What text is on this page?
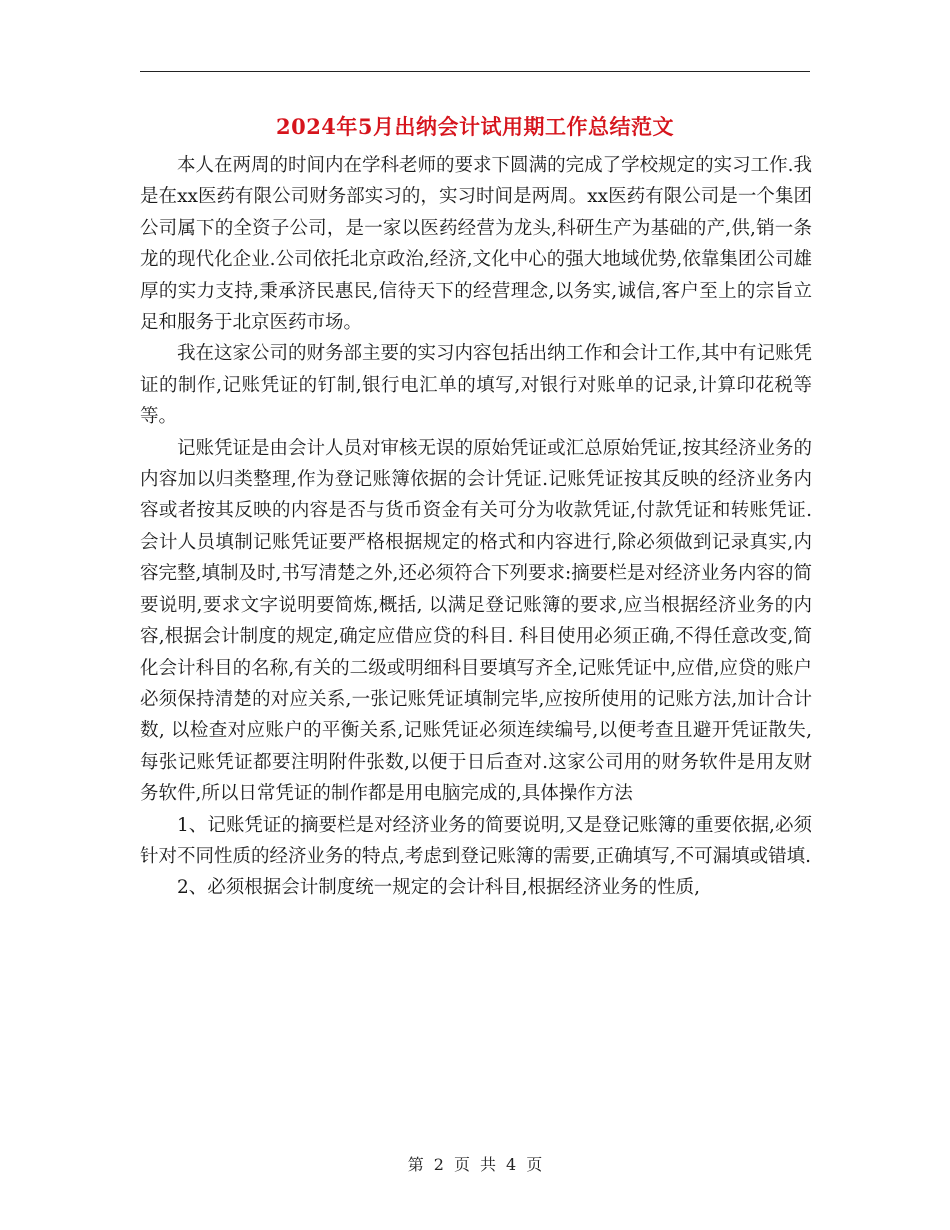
2024年5月出纳会计试用期工作总结范文

本人在两周的时间内在学科老师的要求下圆满的完成了学校规定的实习工作.我是在xx医药有限公司财务部实习的，实习时间是两周。xx医药有限公司是一个集团公司属下的全资子公司，是一家以医药经营为龙头,科研生产为基础的产,供,销一条龙的现代化企业.公司依托北京政治,经济,文化中心的强大地域优势,依靠集团公司雄厚的实力支持,秉承济民惠民,信待天下的经营理念,以务实,诚信,客户至上的宗旨立足和服务于北京医药市场。

我在这家公司的财务部主要的实习内容包括出纳工作和会计工作,其中有记账凭证的制作,记账凭证的钉制,银行电汇单的填写,对银行对账单的记录,计算印花税等等。

记账凭证是由会计人员对审核无误的原始凭证或汇总原始凭证,按其经济业务的内容加以归类整理,作为登记账簿依据的会计凭证.记账凭证按其反映的经济业务内容或者按其反映的内容是否与货币资金有关可分为收款凭证,付款凭证和转账凭证.会计人员填制记账凭证要严格根据规定的格式和内容进行,除必须做到记录真实,内容完整,填制及时,书写清楚之外,还必须符合下列要求:摘要栏是对经济业务内容的简要说明,要求文字说明要简炼,概括, 以满足登记账簿的要求,应当根据经济业务的内容,根据会计制度的规定,确定应借应贷的科目. 科目使用必须正确,不得任意改变,简化会计科目的名称,有关的二级或明细科目要填写齐全,记账凭证中,应借,应贷的账户必须保持清楚的对应关系,一张记账凭证填制完毕,应按所使用的记账方法,加计合计数, 以检查对应账户的平衡关系,记账凭证必须连续编号,以便考查且避开凭证散失,每张记账凭证都要注明附件张数,以便于日后查对.这家公司用的财务软件是用友财务软件,所以日常凭证的制作都是用电脑完成的,具体操作方法

1、记账凭证的摘要栏是对经济业务的简要说明,又是登记账簿的重要依据,必须针对不同性质的经济业务的特点,考虑到登记账簿的需要,正确填写,不可漏填或错填.

2、必须根据会计制度统一规定的会计科目,根据经济业务的性质,

第 2 页 共 4 页
